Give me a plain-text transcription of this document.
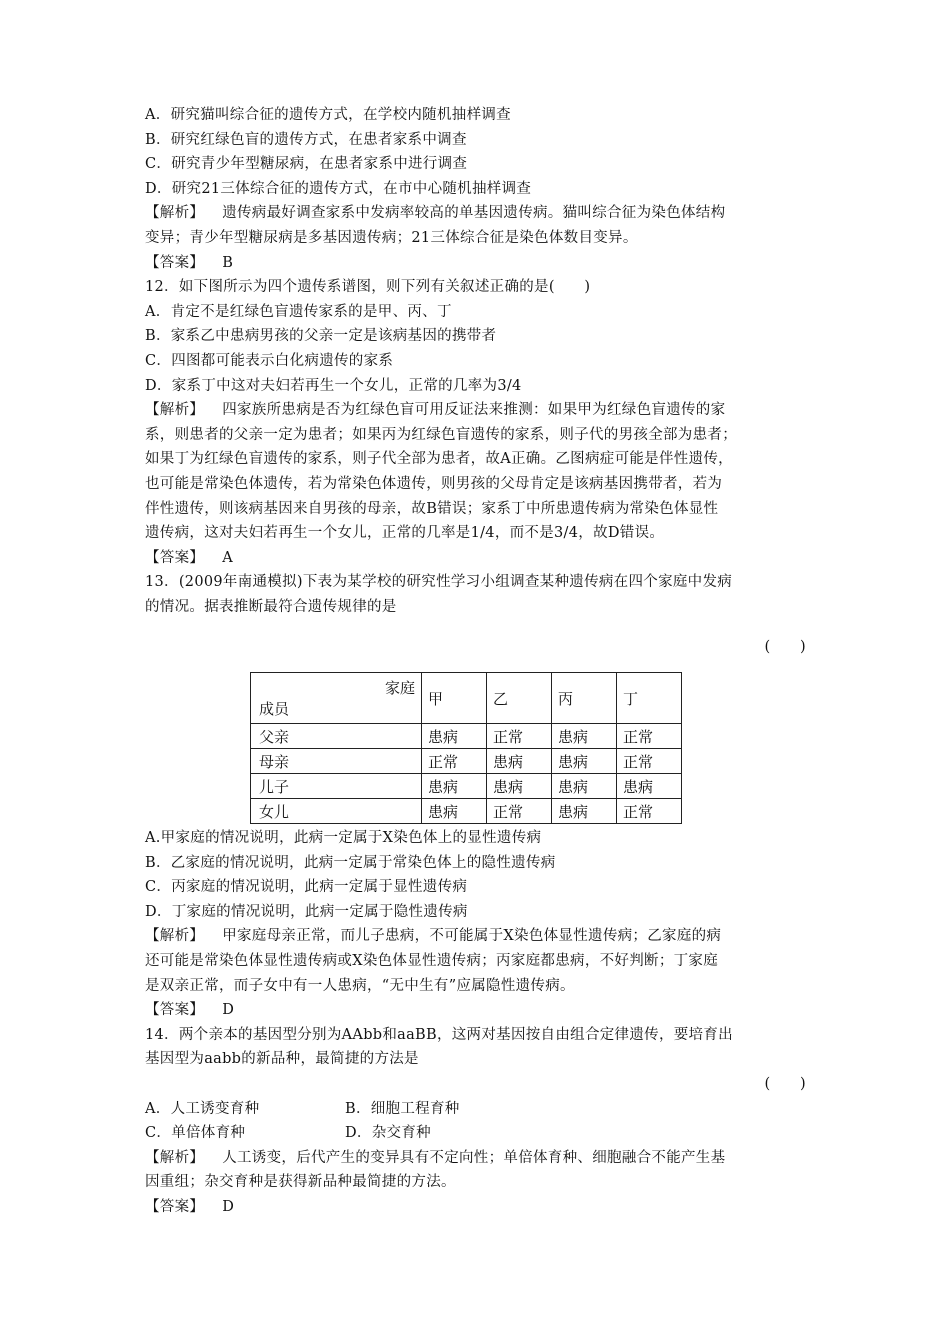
A．研究猫叫综合征的遗传方式，在学校内随机抽样调查
B．研究红绿色盲的遗传方式，在患者家系中调查
C．研究青少年型糖尿病，在患者家系中进行调查
D．研究21三体综合征的遗传方式，在市中心随机抽样调查
【解析】 遗传病最好调查家系中发病率较高的单基因遗传病。猫叫综合征为染色体结构
变异；青少年型糖尿病是多基因遗传病；21三体综合征是染色体数目变异。
【答案】 B
12．如下图所示为四个遗传系谱图，则下列有关叙述正确的是(　　)
A．肯定不是红绿色盲遗传家系的是甲、丙、丁
B．家系乙中患病男孩的父亲一定是该病基因的携带者
C．四图都可能表示白化病遗传的家系
D．家系丁中这对夫妇若再生一个女儿，正常的几率为3/4
【解析】 四家族所患病是否为红绿色盲可用反证法来推测：如果甲为红绿色盲遗传的家
系，则患者的父亲一定为患者；如果丙为红绿色盲遗传的家系，则子代的男孩全部为患者；
如果丁为红绿色盲遗传的家系，则子代全部为患者，故A正确。乙图病症可能是伴性遗传，
也可能是常染色体遗传，若为常染色体遗传，则男孩的父母肯定是该病基因携带者，若为
伴性遗传，则该病基因来自男孩的母亲，故B错误；家系丁中所患遗传病为常染色体显性
遗传病，这对夫妇若再生一个女儿，正常的几率是1/4，而不是3/4，故D错误。
【答案】 A
13．(2009年南通模拟)下表为某学校的研究性学习小组调查某种遗传病在四个家庭中发病
的情况。据表推断最符合遗传规律的是
(　　)
家庭
成员	甲	乙	丙	丁
父亲	患病	正常	患病	正常
母亲	正常	患病	患病	正常
儿子	患病	患病	患病	患病
女儿	患病	正常	患病	正常
A.甲家庭的情况说明，此病一定属于X染色体上的显性遗传病
B．乙家庭的情况说明，此病一定属于常染色体上的隐性遗传病
C．丙家庭的情况说明，此病一定属于显性遗传病
D．丁家庭的情况说明，此病一定属于隐性遗传病
【解析】 甲家庭母亲正常，而儿子患病，不可能属于X染色体显性遗传病；乙家庭的病
还可能是常染色体显性遗传病或X染色体显性遗传病；丙家庭都患病，不好判断；丁家庭
是双亲正常，而子女中有一人患病，“无中生有”应属隐性遗传病。
【答案】 D
14．两个亲本的基因型分别为AAbb和aaBB，这两对基因按自由组合定律遗传，要培育出
基因型为aabb的新品种，最简捷的方法是
(　　)
A．人工诱变育种	B．细胞工程育种
C．单倍体育种	D．杂交育种
【解析】 人工诱变，后代产生的变异具有不定向性；单倍体育种、细胞融合不能产生基
因重组；杂交育种是获得新品种最简捷的方法。
【答案】 D
